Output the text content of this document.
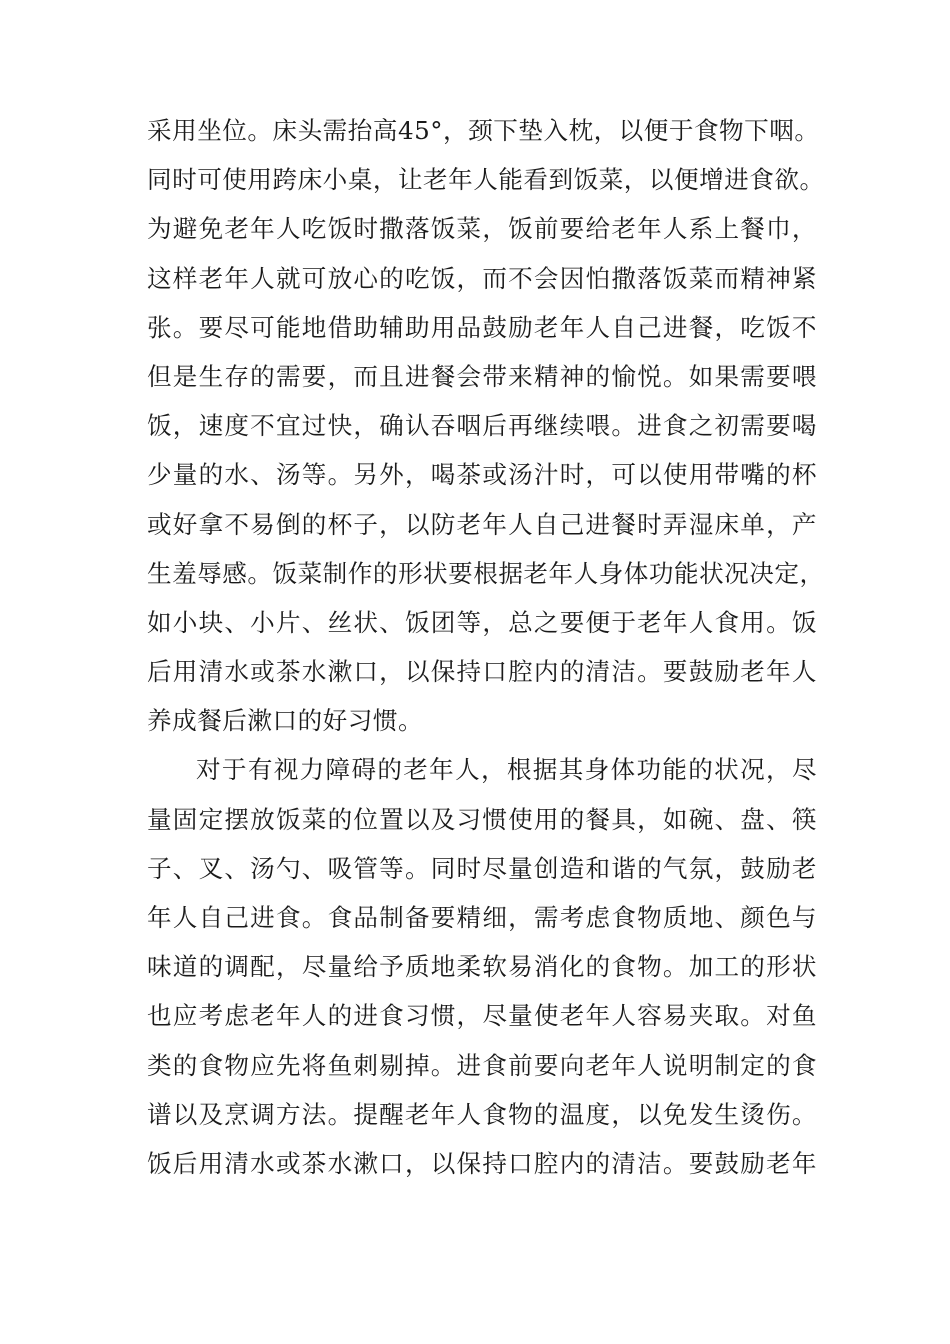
采用坐位。床头需抬高45°，颈下垫入枕，以便于食物下咽。
同时可使用跨床小桌，让老年人能看到饭菜，以便增进食欲。
为避免老年人吃饭时撒落饭菜，饭前要给老年人系上餐巾，
这样老年人就可放心的吃饭，而不会因怕撒落饭菜而精神紧
张。要尽可能地借助辅助用品鼓励老年人自己进餐，吃饭不
但是生存的需要，而且进餐会带来精神的愉悦。如果需要喂
饭，速度不宜过快，确认吞咽后再继续喂。进食之初需要喝
少量的水、汤等。另外，喝茶或汤汁时，可以使用带嘴的杯
或好拿不易倒的杯子，以防老年人自己进餐时弄湿床单，产
生羞辱感。饭菜制作的形状要根据老年人身体功能状况决定，
如小块、小片、丝状、饭团等，总之要便于老年人食用。饭
后用清水或茶水漱口，以保持口腔内的清洁。要鼓励老年人
养成餐后漱口的好习惯。
对于有视力障碍的老年人，根据其身体功能的状况，尽
量固定摆放饭菜的位置以及习惯使用的餐具，如碗、盘、筷
子、叉、汤勺、吸管等。同时尽量创造和谐的气氛，鼓励老
年人自己进食。食品制备要精细，需考虑食物质地、颜色与
味道的调配，尽量给予质地柔软易消化的食物。加工的形状
也应考虑老年人的进食习惯，尽量使老年人容易夹取。对鱼
类的食物应先将鱼刺剔掉。进食前要向老年人说明制定的食
谱以及烹调方法。提醒老年人食物的温度，以免发生烫伤。
饭后用清水或茶水漱口，以保持口腔内的清洁。要鼓励老年
